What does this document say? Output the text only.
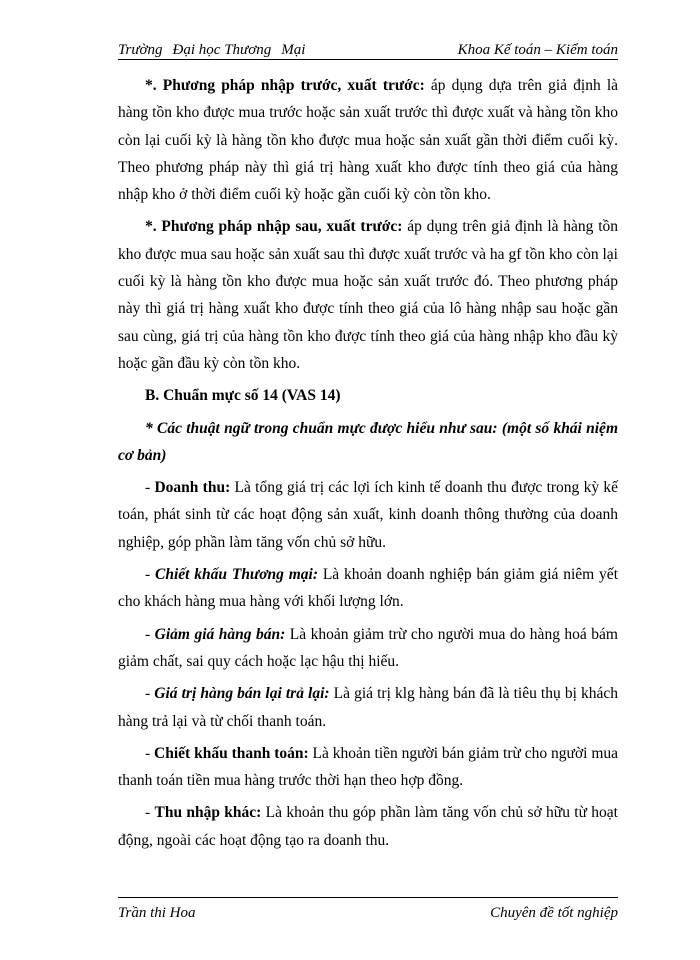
Trường Đại học Thương Mại	Khoa Kế toán – Kiểm toán

*. Phương pháp nhập trước, xuất trước: áp dụng dựa trên giả định là hàng tồn kho được mua trước hoặc sản xuất trước thì được xuất và hàng tồn kho còn lại cuối kỳ là hàng tồn kho được mua hoặc sản xuất gần thời điểm cuối kỳ. Theo phương pháp này thì giá trị hàng xuất kho được tính theo giá của hàng nhập kho ở thời điểm cuối kỳ hoặc gần cuối kỳ còn tồn kho.

*. Phương pháp nhập sau, xuất trước: áp dụng trên giả định là hàng tồn kho được mua sau hoặc sản xuất sau thì được xuất trước và ha gf tồn kho còn lại cuối kỳ là hàng tồn kho được mua hoặc sản xuất trước đó. Theo phương pháp này thì giá trị hàng xuất kho được tính theo giá của lô hàng nhập sau hoặc gần sau cùng, giá trị của hàng tồn kho được tính theo giá của hàng nhập kho đầu kỳ hoặc gần đầu kỳ còn tồn kho.

B. Chuẩn mực số 14 (VAS 14)

* Các thuật ngữ trong chuẩn mực được hiểu như sau: (một số khái niệm cơ bản)

- Doanh thu: Là tổng giá trị các lợi ích kinh tế doanh thu được trong kỳ kế toán, phát sinh từ các hoạt động sản xuất, kinh doanh thông thường của doanh nghiệp, góp phần làm tăng vốn chủ sở hữu.

- Chiết khấu Thương mại: Là khoản doanh nghiệp bán giảm giá niêm yết cho khách hàng mua hàng với khối lượng lớn.

- Giảm giá hàng bán: Là khoản giảm trừ cho người mua do hàng hoá bám giảm chất, sai quy cách hoặc lạc hậu thị hiếu.

- Giá trị hàng bán lại trả lại: Là giá trị klg hàng bán đã là tiêu thụ bị khách hàng trả lại và từ chối thanh toán.

- Chiết khấu thanh toán: Là khoản tiền người bán giảm trừ cho người mua thanh toán tiền mua hàng trước thời hạn theo hợp đồng.

- Thu nhập khác: Là khoản thu góp phần làm tăng vốn chủ sở hữu từ hoạt động, ngoài các hoạt động tạo ra doanh thu.

Trần thi Hoa	Chuyên đề tốt nghiệp
